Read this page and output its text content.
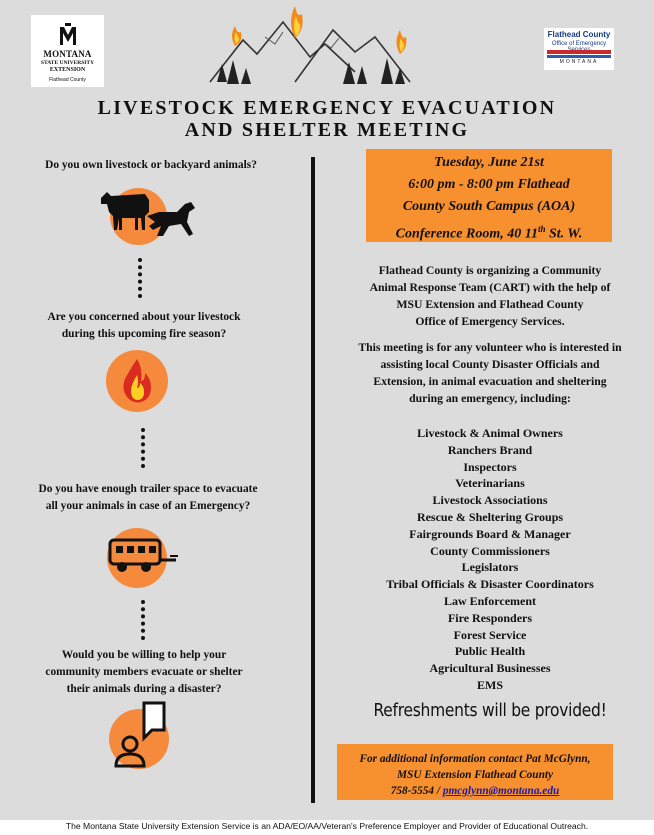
MONTANA
STATE UNIVERSITY
EXTENSION
Flathead County
Flathead County
Office of Emergency
MONTANA
LIVESTOCK EMERGENCY EVACUATION
AND SHELTER MEETING
Do you own livestock or backyard animals?
Are you concerned about your livestock
during this upcoming fire season?
Do you have enough trailer space to evacuate
all your animals in case of an Emergency?
Would you be willing to help your
community members evacuate or shelter
their animals during a disaster?
Tuesday, June 21st
6:00 pm - 8:00 pm Flathead
County South Campus (AOA)
Conference Room, 40 11th St. W.
Flathead County is organizing a Community
Animal Response Team (CART) with the help of
MSU Extension and Flathead County
Office of Emergency Services.
This meeting is for any volunteer who is interested in
assisting local County Disaster Officials and
Extension, in animal evacuation and sheltering
during an emergency, including:
Livestock & Animal Owners
Ranchers Brand
Inspectors
Veterinarians
Livestock Associations
Rescue & Sheltering Groups
Fairgrounds Board & Manager
County Commissioners
Legislators
Tribal Officials & Disaster Coordinators
Law Enforcement
Fire Responders
Forest Service
Public Health
Agricultural Businesses
EMS
Refreshments will be provided!
For additional information contact Pat McGlynn,
MSU Extension Flathead County
758-5554 / pmcglynn@montana.edu
The Montana State University Extension Service is an ADA/EO/AA/Veteran's Preference Employer and Provider of Educational Outreach.
